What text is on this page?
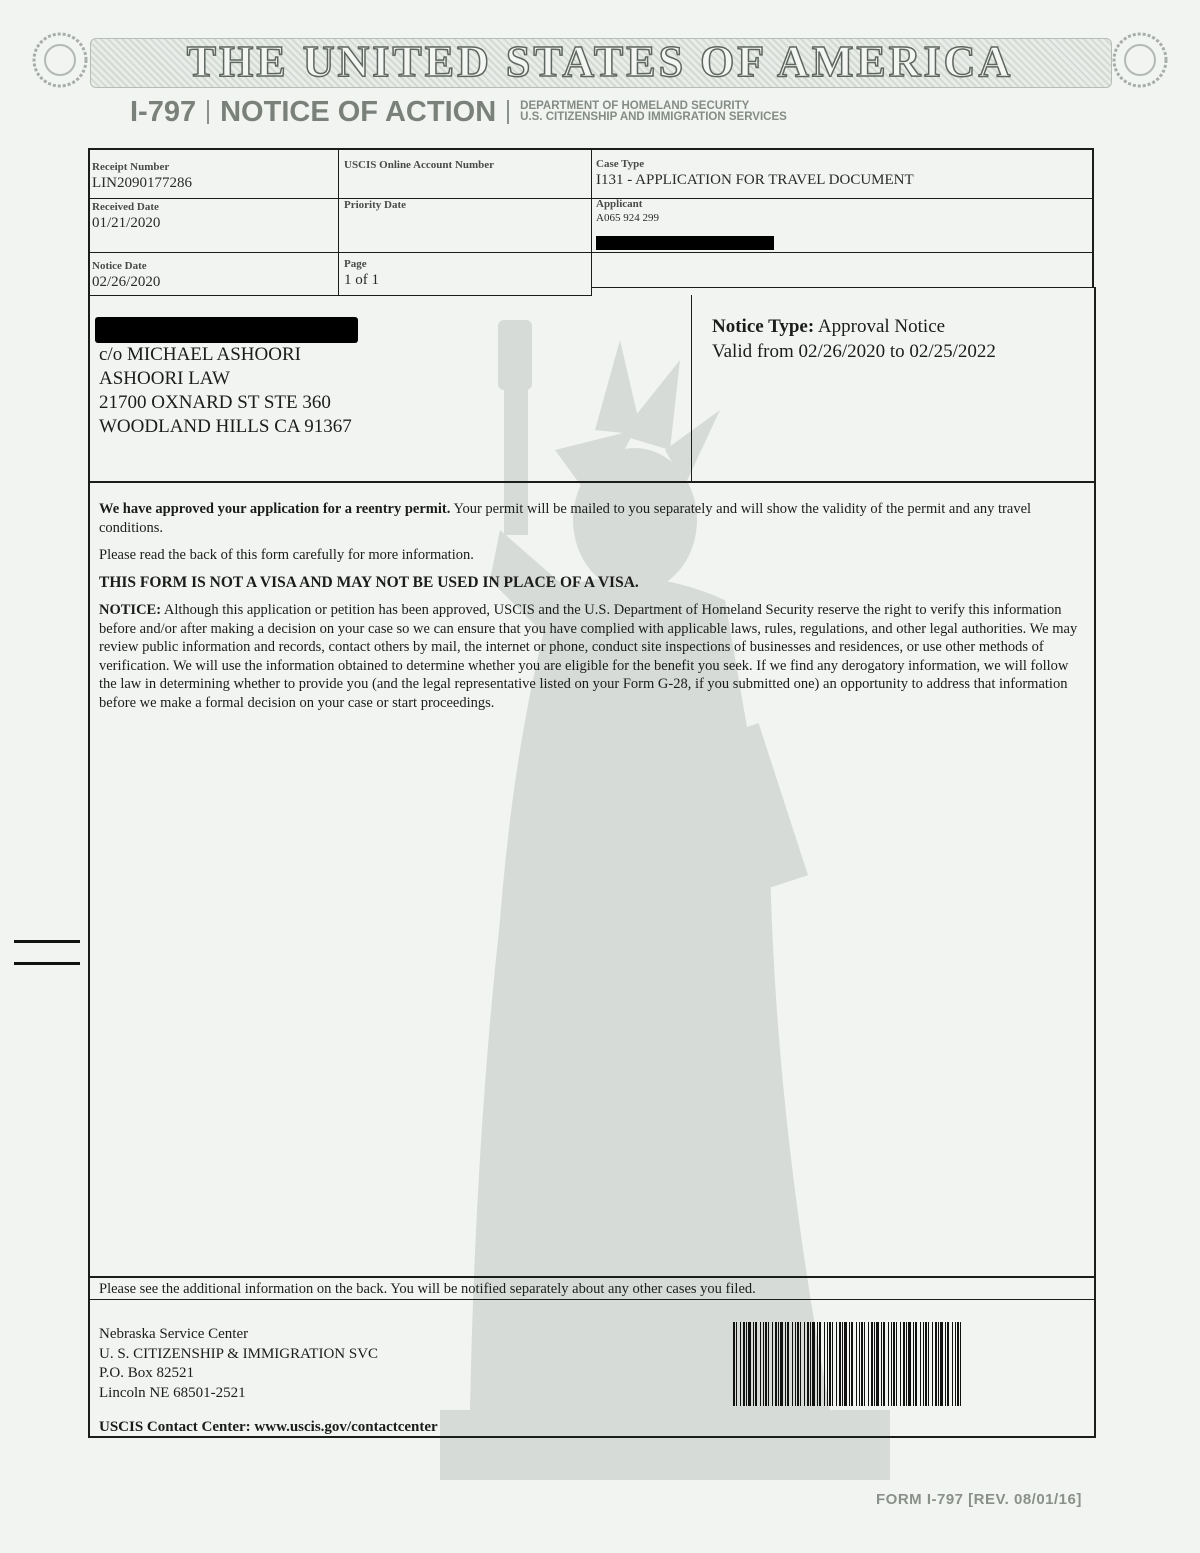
THE UNITED STATES OF AMERICA
I-797 NOTICE OF ACTION DEPARTMENT OF HOMELAND SECURITY
U.S. CITIZENSHIP AND IMMIGRATION SERVICES
Receipt Number
LIN2090177286
USCIS Online Account Number	Case Type
I131 - APPLICATION FOR TRAVEL DOCUMENT
Received Date
01/21/2020
Priority Date	Applicant
A065 924 299
Notice Date
02/26/2020
Page
1 of 1
c/o MICHAEL ASHOORI
ASHOORI LAW
21700 OXNARD ST STE 360
WOODLAND HILLS CA 91367
Notice Type: Approval Notice
Valid from 02/26/2020 to 02/25/2022

We have approved your application for a reentry permit. Your permit will be mailed to you separately and will show the validity of the permit and any travel conditions.

Please read the back of this form carefully for more information.

THIS FORM IS NOT A VISA AND MAY NOT BE USED IN PLACE OF A VISA.

NOTICE: Although this application or petition has been approved, USCIS and the U.S. Department of Homeland Security reserve the right to verify this information before and/or after making a decision on your case so we can ensure that you have complied with applicable laws, rules, regulations, and other legal authorities. We may review public information and records, contact others by mail, the internet or phone, conduct site inspections of businesses and residences, or use other methods of verification. We will use the information obtained to determine whether you are eligible for the benefit you seek. If we find any derogatory information, we will follow the law in determining whether to provide you (and the legal representative listed on your Form G-28, if you submitted one) an opportunity to address that information before we make a formal decision on your case or start proceedings.

Please see the additional information on the back. You will be notified separately about any other cases you filed.
Nebraska Service Center
U. S. CITIZENSHIP & IMMIGRATION SVC
P.O. Box 82521
Lincoln NE 68501-2521
USCIS Contact Center: www.uscis.gov/contactcenter
FORM I-797 [REV. 08/01/16]
